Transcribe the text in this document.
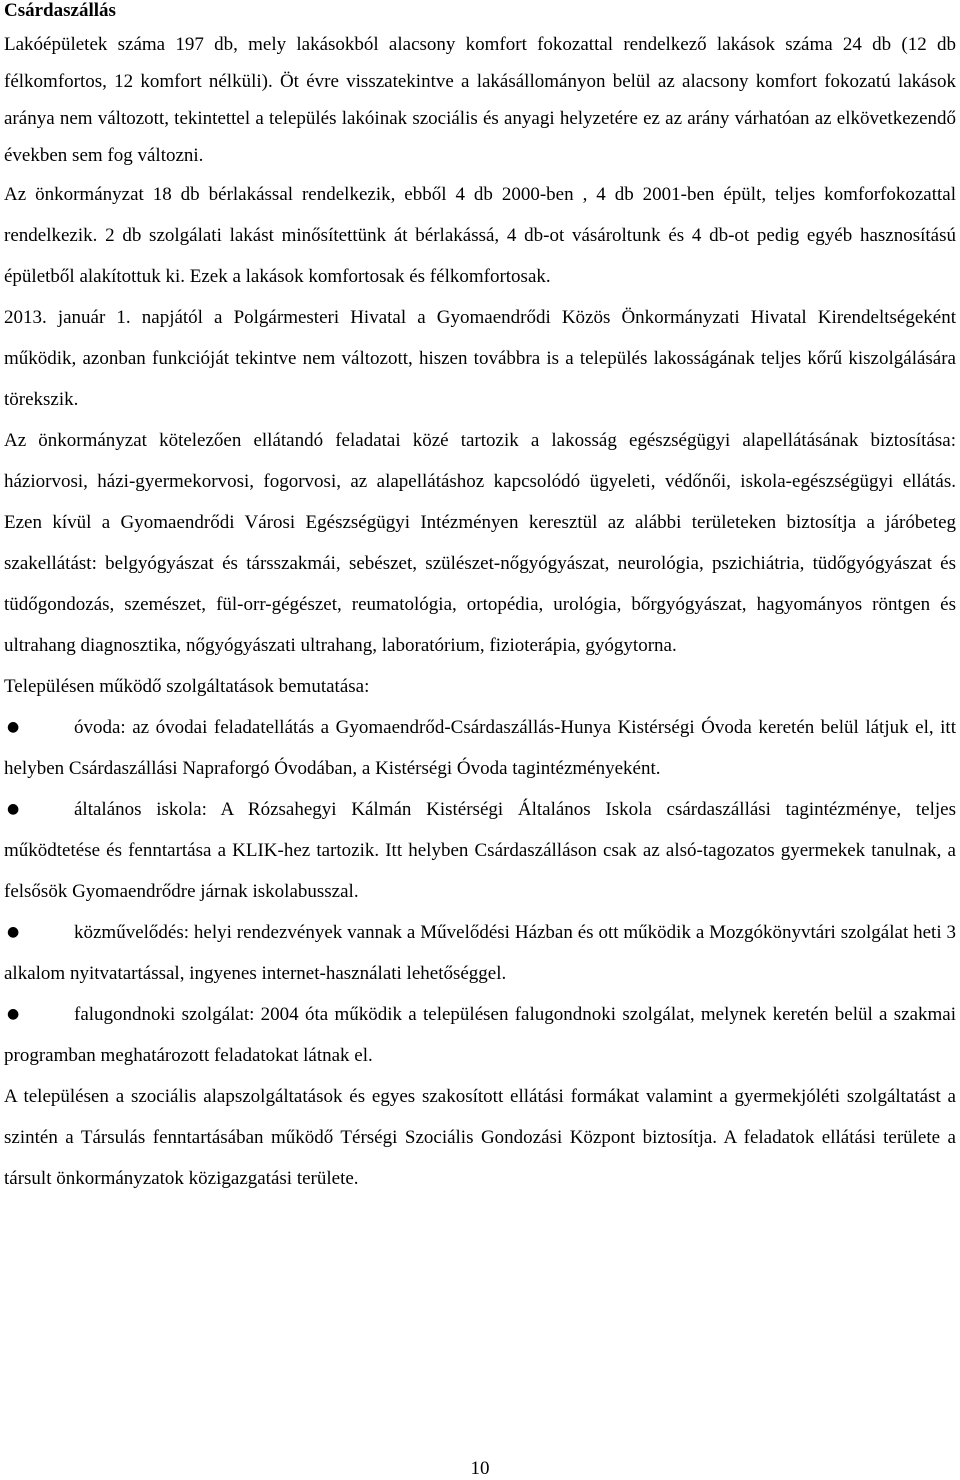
Csárdaszállás

Lakóépületek száma 197 db, mely lakásokból alacsony komfort fokozattal rendelkező lakások száma 24 db (12 db félkomfortos, 12 komfort nélküli). Öt évre visszatekintve a lakásállományon belül az alacsony komfort fokozatú lakások aránya nem változott, tekintettel a település lakóinak szociális és anyagi helyzetére ez az arány várhatóan az elkövetkezendő években sem fog változni.

Az önkormányzat 18 db bérlakással rendelkezik, ebből 4 db 2000-ben , 4 db 2001-ben épült, teljes komforfokozattal rendelkezik. 2 db szolgálati lakást minősítettünk át bérlakássá, 4 db-ot vásároltunk és 4 db-ot pedig egyéb hasznosítású épületből alakítottuk ki. Ezek a lakások komfortosak és félkomfortosak.

2013. január 1. napjától a Polgármesteri Hivatal a Gyomaendrődi Közös Önkormányzati Hivatal Kirendeltségeként működik, azonban funkcióját tekintve nem változott, hiszen továbbra is a település lakosságának teljes kőrű kiszolgálására törekszik.

Az önkormányzat kötelezően ellátandó feladatai közé tartozik a lakosság egészségügyi alapellátásának biztosítása: háziorvosi, házi-gyermekorvosi, fogorvosi, az alapellátáshoz kapcsolódó ügyeleti, védőnői, iskola-egészségügyi ellátás. Ezen kívül a Gyomaendrődi Városi Egészségügyi Intézményen keresztül az alábbi területeken biztosítja a járóbeteg szakellátást: belgyógyászat és társszakmái, sebészet, szülészet-nőgyógyászat, neurológia, pszichiátria, tüdőgyógyászat és tüdőgondozás, szemészet, fül-orr-gégészet, reumatológia, ortopédia, urológia, bőrgyógyászat, hagyományos röntgen és ultrahang diagnosztika, nőgyógyászati ultrahang, laboratórium, fizioterápia, gyógytorna.

Településen működő szolgáltatások bemutatása:

●	óvoda: az óvodai feladatellátás a Gyomaendrőd-Csárdaszállás-Hunya Kistérségi Óvoda keretén belül látjuk el, itt helyben Csárdaszállási Napraforgó Óvodában, a Kistérségi Óvoda tagintézményeként.

●	általános iskola: A Rózsahegyi Kálmán Kistérségi Általános Iskola csárdaszállási tagintézménye, teljes működtetése és fenntartása a KLIK-hez tartozik. Itt helyben Csárdaszálláson csak az alsó-tagozatos gyermekek tanulnak, a felsősök Gyomaendrődre járnak iskolabusszal.

●	közművelődés: helyi rendezvények vannak a Művelődési Házban és ott működik a Mozgókönyvtári szolgálat heti 3 alkalom nyitvatartással, ingyenes internet-használati lehetőséggel.

●	falugondnoki szolgálat: 2004 óta működik a településen falugondnoki szolgálat, melynek keretén belül a szakmai programban meghatározott feladatokat látnak el.

A településen a szociális alapszolgáltatások és egyes szakosított ellátási formákat valamint a gyermekjóléti szolgáltatást a szintén a Társulás fenntartásában működő Térségi Szociális Gondozási Központ biztosítja. A feladatok ellátási területe a társult önkormányzatok közigazgatási területe.

10
